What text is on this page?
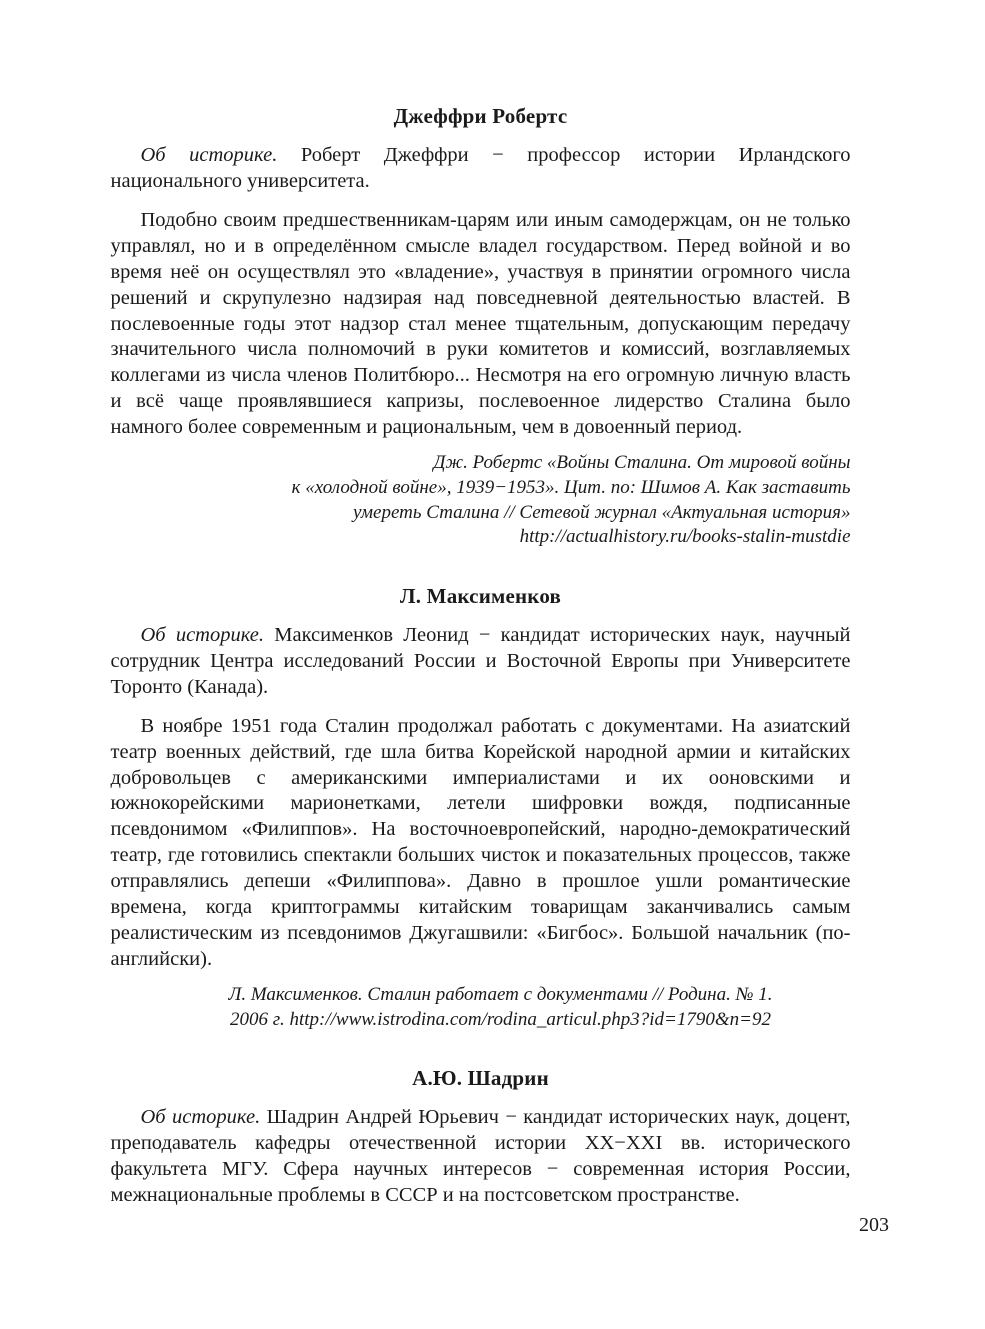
Джеффри Робертс

Об историке. Роберт Джеффри − профессор истории Ирландского национального университета.

Подобно своим предшественникам-царям или иным самодержцам, он не только управлял, но и в определённом смысле владел государством. Перед войной и во время неё он осуществлял это «владение», участвуя в принятии огромного числа решений и скрупулезно надзирая над повседневной деятельностью властей. В послевоенные годы этот надзор стал менее тщательным, допускающим передачу значительного числа полномочий в руки комитетов и комиссий, возглавляемых коллегами из числа членов Политбюро... Несмотря на его огромную личную власть и всё чаще проявлявшиеся капризы, послевоенное лидерство Сталина было намного более современным и рациональным, чем в довоенный период.

Дж. Робертс «Войны Сталина. От мировой войны
к «холодной войне», 1939−1953». Цит. по: Шимов А. Как заставить
умереть Сталина // Сетевой журнал «Актуальная история»
http://actualhistory.ru/books-stalin-mustdie

Л. Максименков

Об историке. Максименков Леонид − кандидат исторических наук, научный сотрудник Центра исследований России и Восточной Европы при Университете Торонто (Канада).

В ноябре 1951 года Сталин продолжал работать с документами. На азиатский театр военных действий, где шла битва Корейской народной армии и китайских добровольцев с американскими империалистами и их ооновскими и южнокорейскими марионетками, летели шифровки вождя, подписанные псевдонимом «Филиппов». На восточноевропейский, народно-демократический театр, где готовились спектакли больших чисток и показательных процессов, также отправлялись депеши «Филиппова». Давно в прошлое ушли романтические времена, когда криптограммы китайским товарищам заканчивались самым реалистическим из псевдонимов Джугашвили: «Бигбос». Большой начальник (по-английски).

Л. Максименков. Сталин работает с документами // Родина. № 1.
2006 г. http://www.istrodina.com/rodina_articul.php3?id=1790&n=92

А.Ю. Шадрин

Об историке. Шадрин Андрей Юрьевич − кандидат исторических наук, доцент, преподаватель кафедры отечественной истории XX−XXI вв. исторического факультета МГУ. Сфера научных интересов − современная история России, межнациональные проблемы в СССР и на постсоветском пространстве.

203
